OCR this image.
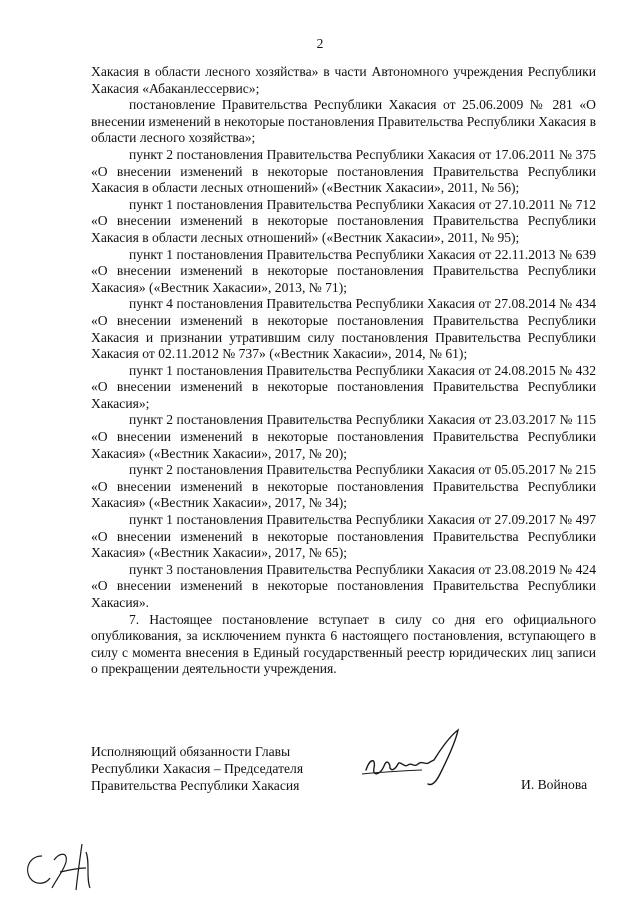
2

Хакасия в области лесного хозяйства» в части Автономного учреждения Республики Хакасия «Абаканлессервис»;

постановление Правительства Республики Хакасия от 25.06.2009 № 281 «О внесении изменений в некоторые постановления Правительства Республики Хакасия в области лесного хозяйства»;

пункт 2 постановления Правительства Республики Хакасия от 17.06.2011 № 375 «О внесении изменений в некоторые постановления Правительства Республики Хакасия в области лесных отношений» («Вестник Хакасии», 2011, № 56);

пункт 1 постановления Правительства Республики Хакасия от 27.10.2011 № 712 «О внесении изменений в некоторые постановления Правительства Республики Хакасия в области лесных отношений» («Вестник Хакасии», 2011, № 95);

пункт 1 постановления Правительства Республики Хакасия от 22.11.2013 № 639 «О внесении изменений в некоторые постановления Правительства Республики Хакасия» («Вестник Хакасии», 2013, № 71);

пункт 4 постановления Правительства Республики Хакасия от 27.08.2014 № 434 «О внесении изменений в некоторые постановления Правительства Республики Хакасия и признании утратившим силу постановления Правительства Республики Хакасия от 02.11.2012 № 737» («Вестник Хакасии», 2014, № 61);

пункт 1 постановления Правительства Республики Хакасия от 24.08.2015 № 432 «О внесении изменений в некоторые постановления Правительства Республики Хакасия»;

пункт 2 постановления Правительства Республики Хакасия от 23.03.2017 № 115 «О внесении изменений в некоторые постановления Правительства Республики Хакасия» («Вестник Хакасии», 2017, № 20);

пункт 2 постановления Правительства Республики Хакасия от 05.05.2017 № 215 «О внесении изменений в некоторые постановления Правительства Республики Хакасия» («Вестник Хакасии», 2017, № 34);

пункт 1 постановления Правительства Республики Хакасия от 27.09.2017 № 497 «О внесении изменений в некоторые постановления Правительства Республики Хакасия» («Вестник Хакасии», 2017, № 65);

пункт 3 постановления Правительства Республики Хакасия от 23.08.2019 № 424 «О внесении изменений в некоторые постановления Правительства Республики Хакасия».

7. Настоящее постановление вступает в силу со дня его официального опубликования, за исключением пункта 6 настоящего постановления, вступающего в силу с момента внесения в Единый государственный реестр юридических лиц записи о прекращении деятельности учреждения.

Исполняющий обязанности Главы
Республики Хакасия – Председателя
Правительства Республики Хакасия	И. Войнова
